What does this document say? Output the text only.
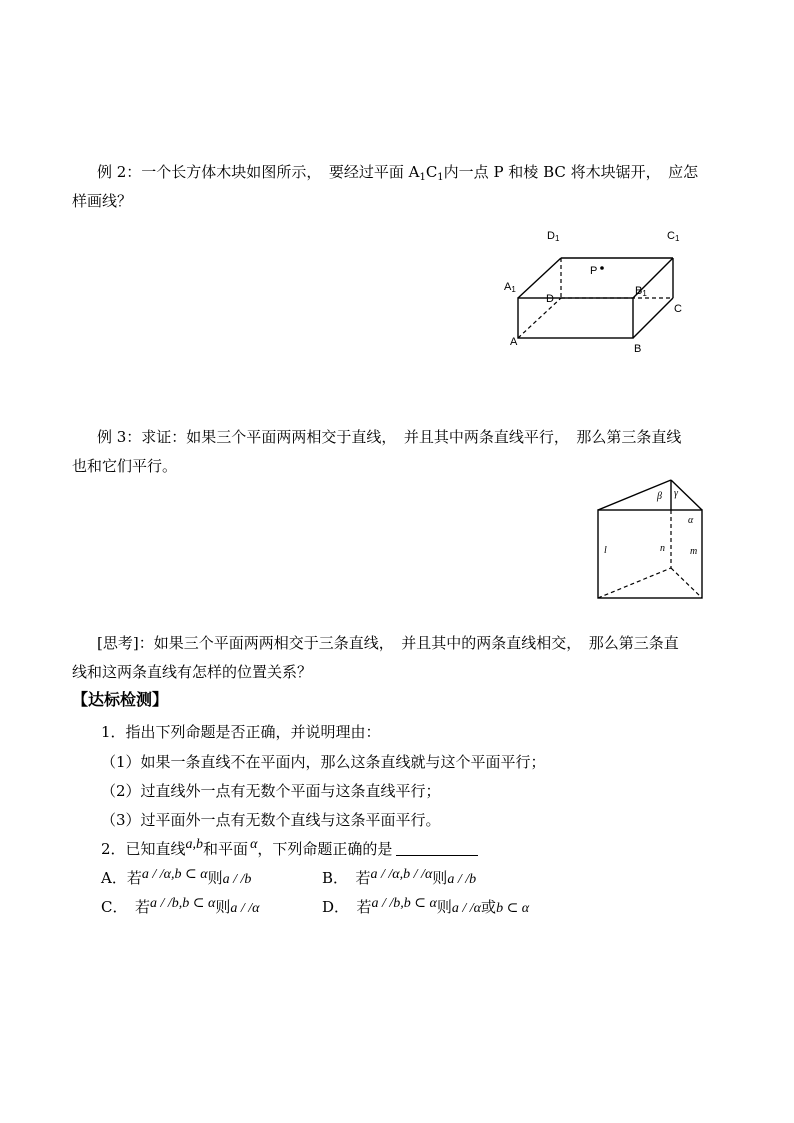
例 2：一个长方体木块如图所示，　要经过平面 $A_1C_1$内一点 P 和棱 BC 将木块锯开，　应怎
样画线？
D1	C1
P
A1	B1
D
C
A
B
例 3：求证：如果三个平面两两相交于直线，　并且其中两条直线平行，　那么第三条直线
也和它们平行。
β γ
α
l	n	m
[思考]：如果三个平面两两相交于三条直线，　并且其中的两条直线相交，　那么第三条直
线和这两条直线有怎样的位置关系？
【达标检测】
1．指出下列命题是否正确，并说明理由：
（1）如果一条直线不在平面内，那么这条直线就与这个平面平行；
（2）过直线外一点有无数个平面与这条直线平行；
（3）过平面外一点有无数个直线与这条平面平行。
2．已知直线a,b和平面 α，下列命题正确的是
A．若a / /α,b ⊂ α则a / /b	B．　若a / /α,b / /α则a / /b
C．　若a / /b,b ⊂ α则a / /α	D．　若a / /b,b ⊂ α则a / /α或b ⊂ α
